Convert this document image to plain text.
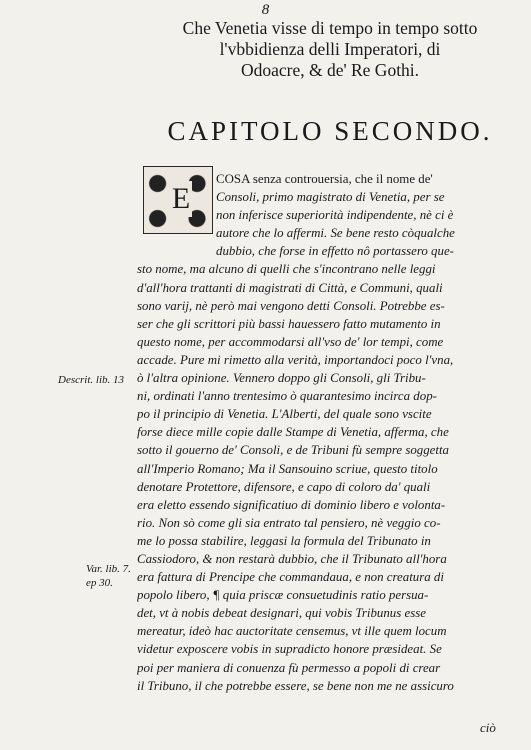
8
Che Venetia visse di tempo in tempo sotto
l'vbbidienza delli Imperatori, di
Odoacre, & de' Re Gothi.
CAPITOLO SECONDO.
E
COSA senza controuersia, che il nome de'
Consoli, primo magistrato di Venetia, per se
non inferisce superiorità indipendente, nè ci è
autore che lo affermi. Se bene resto còqualche
dubbio, che forse in effetto nô portassero que-
sto nome, ma alcuno di quelli che s'incontrano nelle leggi
d'all'hora trattanti di magistrati di Città, e Communi, quali
sono varij, nè però mai vengono detti Consoli. Potrebbe es-
ser che gli scrittori più bassi hauessero fatto mutamento in
questo nome, per accommodarsi all'vso de' lor tempi, come
accade. Pure mi rimetto alla verità, importandoci poco l'vna,
ò l'altra opinione. Vennero doppo gli Consoli, gli Tribu-
ni, ordinati l'anno trentesimo ò quarantesimo incirca dop-
po il principio di Venetia. L'Alberti, del quale sono vscite
forse diece mille copie dalle Stampe di Venetia, afferma, che
sotto il gouerno de' Consoli, e de Tribuni fù sempre soggetta
all'Imperio Romano; Ma il Sansouino scriue, questo titolo
denotare Protettore, difensore, e capo di coloro da' quali
era eletto essendo significatiuo di dominio libero e volonta-
rio. Non sò come gli sia entrato tal pensiero, nè veggio co-
me lo possa stabilire, leggasi la formula del Tribunato in
Cassiodoro, & non restarà dubbio, che il Tribunato all'hora
era fattura di Prencipe che commandaua, e non creatura di
popolo libero, ¶ quia priscæ consuetudinis ratio persua-
det, vt à nobis debeat designari, qui vobis Tribunus esse
mereatur, ideò hac auctoritate censemus, vt ille quem locum
videtur exposcere vobis in supradicto honore præsideat. Se
poi per maniera di conuenza fù permesso a popoli di crear
il Tribuno, il che potrebbe essere, se bene non me ne assicuro
Descrit. lib. 13
Var. lib. 7.
ep 30.
ciò
